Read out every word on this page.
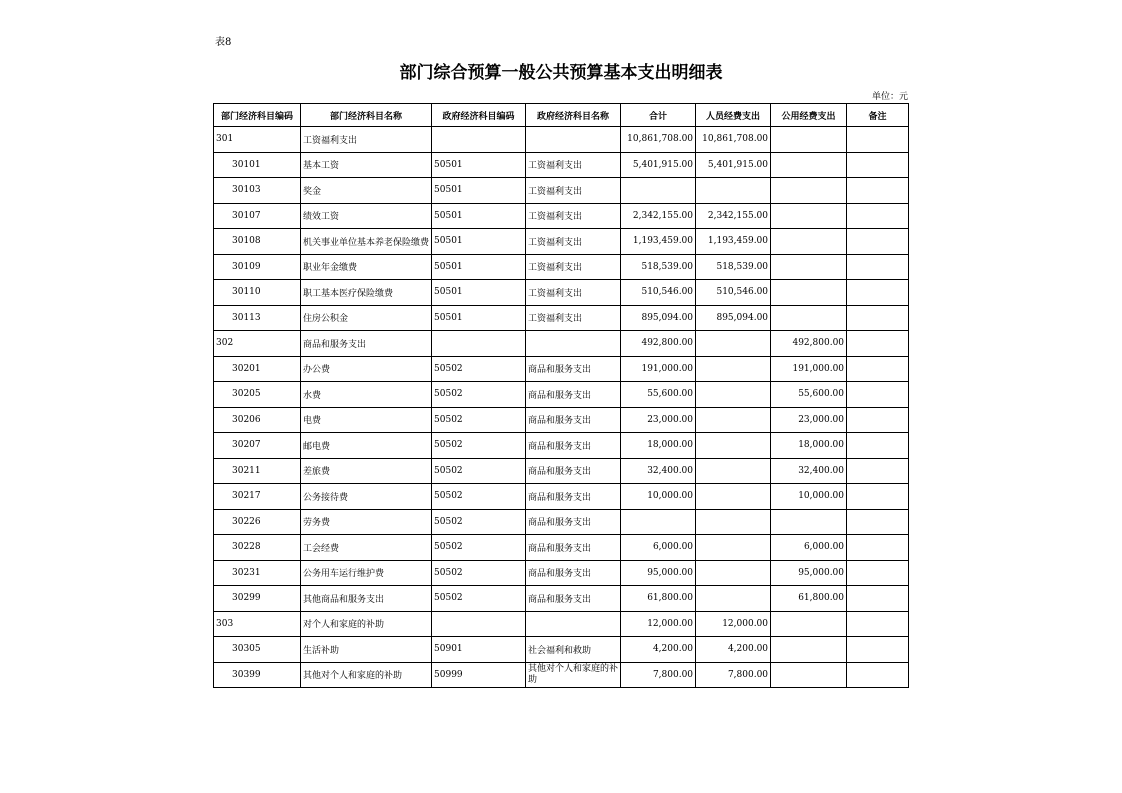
表8
部门综合预算一般公共预算基本支出明细表
单位：元
部门经济科目编码	部门经济科目名称	政府经济科目编码	政府经济科目名称	合计	人员经费支出	公用经费支出	备注
301	工资福利支出			10,861,708.00	10,861,708.00		
30101	基本工资	50501	工资福利支出	5,401,915.00	5,401,915.00		
30103	奖金	50501	工资福利支出				
30107	绩效工资	50501	工资福利支出	2,342,155.00	2,342,155.00		
30108	机关事业单位基本养老保险缴费	50501	工资福利支出	1,193,459.00	1,193,459.00		
30109	职业年金缴费	50501	工资福利支出	518,539.00	518,539.00		
30110	职工基本医疗保险缴费	50501	工资福利支出	510,546.00	510,546.00		
30113	住房公积金	50501	工资福利支出	895,094.00	895,094.00		
302	商品和服务支出			492,800.00		492,800.00	
30201	办公费	50502	商品和服务支出	191,000.00		191,000.00	
30205	水费	50502	商品和服务支出	55,600.00		55,600.00	
30206	电费	50502	商品和服务支出	23,000.00		23,000.00	
30207	邮电费	50502	商品和服务支出	18,000.00		18,000.00	
30211	差旅费	50502	商品和服务支出	32,400.00		32,400.00	
30217	公务接待费	50502	商品和服务支出	10,000.00		10,000.00	
30226	劳务费	50502	商品和服务支出				
30228	工会经费	50502	商品和服务支出	6,000.00		6,000.00	
30231	公务用车运行维护费	50502	商品和服务支出	95,000.00		95,000.00	
30299	其他商品和服务支出	50502	商品和服务支出	61,800.00		61,800.00	
303	对个人和家庭的补助			12,000.00	12,000.00		
30305	生活补助	50901	社会福利和救助	4,200.00	4,200.00		
30399	其他对个人和家庭的补助	50999	其他对个人和家庭的补助	7,800.00	7,800.00		
